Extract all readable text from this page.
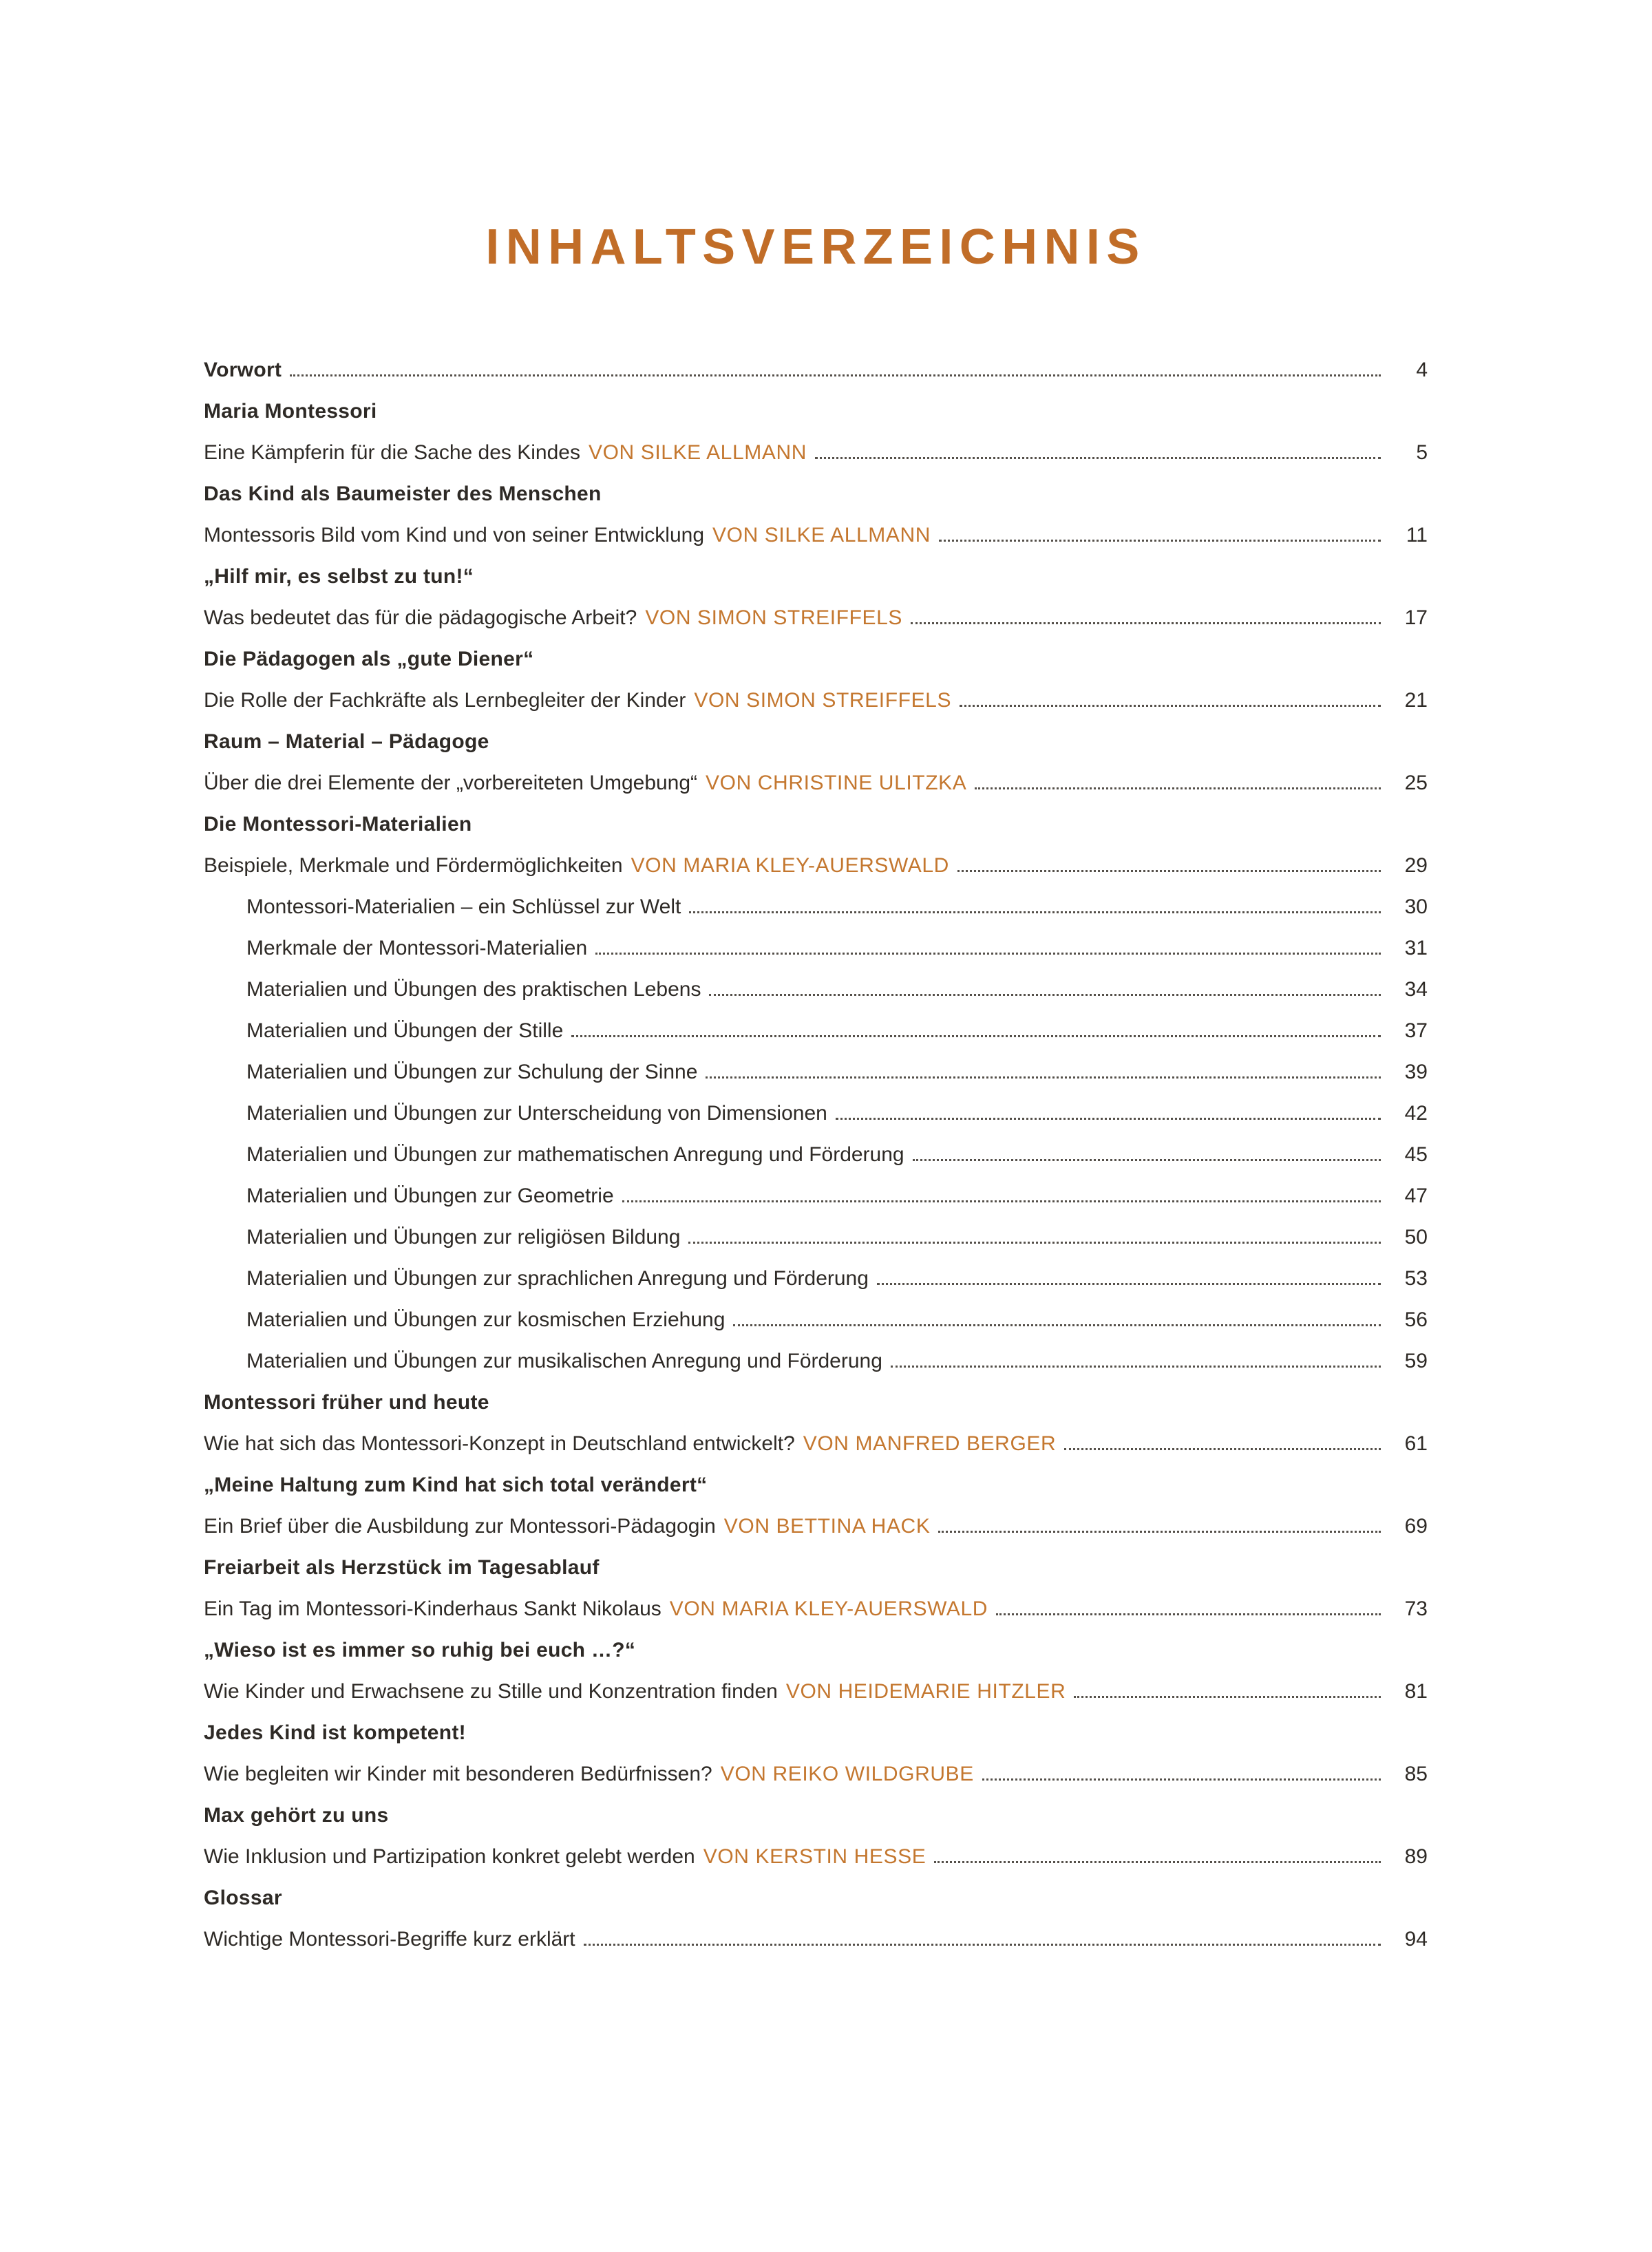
INHALTSVERZEICHNIS
Vorwort	4
Maria Montessori
Eine Kämpferin für die Sache des Kindes VON SILKE ALLMANN	5
Das Kind als Baumeister des Menschen
Montessoris Bild vom Kind und von seiner Entwicklung VON SILKE ALLMANN	11
„Hilf mir, es selbst zu tun!“
Was bedeutet das für die pädagogische Arbeit? VON SIMON STREIFFELS	17
Die Pädagogen als „gute Diener“
Die Rolle der Fachkräfte als Lernbegleiter der Kinder VON SIMON STREIFFELS	21
Raum – Material – Pädagoge
Über die drei Elemente der „vorbereiteten Umgebung“ VON CHRISTINE ULITZKA	25
Die Montessori-Materialien
Beispiele, Merkmale und Fördermöglichkeiten VON MARIA KLEY-AUERSWALD	29
Montessori-Materialien – ein Schlüssel zur Welt	30
Merkmale der Montessori-Materialien	31
Materialien und Übungen des praktischen Lebens	34
Materialien und Übungen der Stille	37
Materialien und Übungen zur Schulung der Sinne	39
Materialien und Übungen zur Unterscheidung von Dimensionen	42
Materialien und Übungen zur mathematischen Anregung und Förderung	45
Materialien und Übungen zur Geometrie	47
Materialien und Übungen zur religiösen Bildung	50
Materialien und Übungen zur sprachlichen Anregung und Förderung	53
Materialien und Übungen zur kosmischen Erziehung	56
Materialien und Übungen zur musikalischen Anregung und Förderung	59
Montessori früher und heute
Wie hat sich das Montessori-Konzept in Deutschland entwickelt? VON MANFRED BERGER	61
„Meine Haltung zum Kind hat sich total verändert“
Ein Brief über die Ausbildung zur Montessori-Pädagogin VON BETTINA HACK	69
Freiarbeit als Herzstück im Tagesablauf
Ein Tag im Montessori-Kinderhaus Sankt Nikolaus VON MARIA KLEY-AUERSWALD	73
„Wieso ist es immer so ruhig bei euch …?“
Wie Kinder und Erwachsene zu Stille und Konzentration finden VON HEIDEMARIE HITZLER	81
Jedes Kind ist kompetent!
Wie begleiten wir Kinder mit besonderen Bedürfnissen? VON REIKO WILDGRUBE	85
Max gehört zu uns
Wie Inklusion und Partizipation konkret gelebt werden VON KERSTIN HESSE	89
Glossar
Wichtige Montessori-Begriffe kurz erklärt	94
